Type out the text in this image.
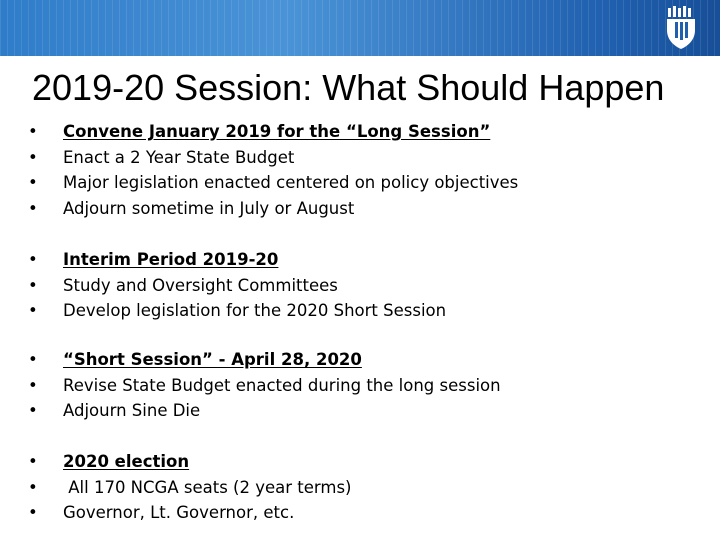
2019-20 Session: What Should Happen
•	Convene January 2019 for the “Long Session”
•	Enact a 2 Year State Budget
•	Major legislation enacted centered on policy objectives
•	Adjourn sometime in July or August
•	Interim Period 2019-20
•	Study and Oversight Committees
•	Develop legislation for the 2020 Short Session
•	“Short Session” - April 28, 2020
•	Revise State Budget enacted during the long session
•	Adjourn Sine Die
•	2020 election
•	All 170 NCGA seats (2 year terms)
•	Governor, Lt. Governor, etc.
